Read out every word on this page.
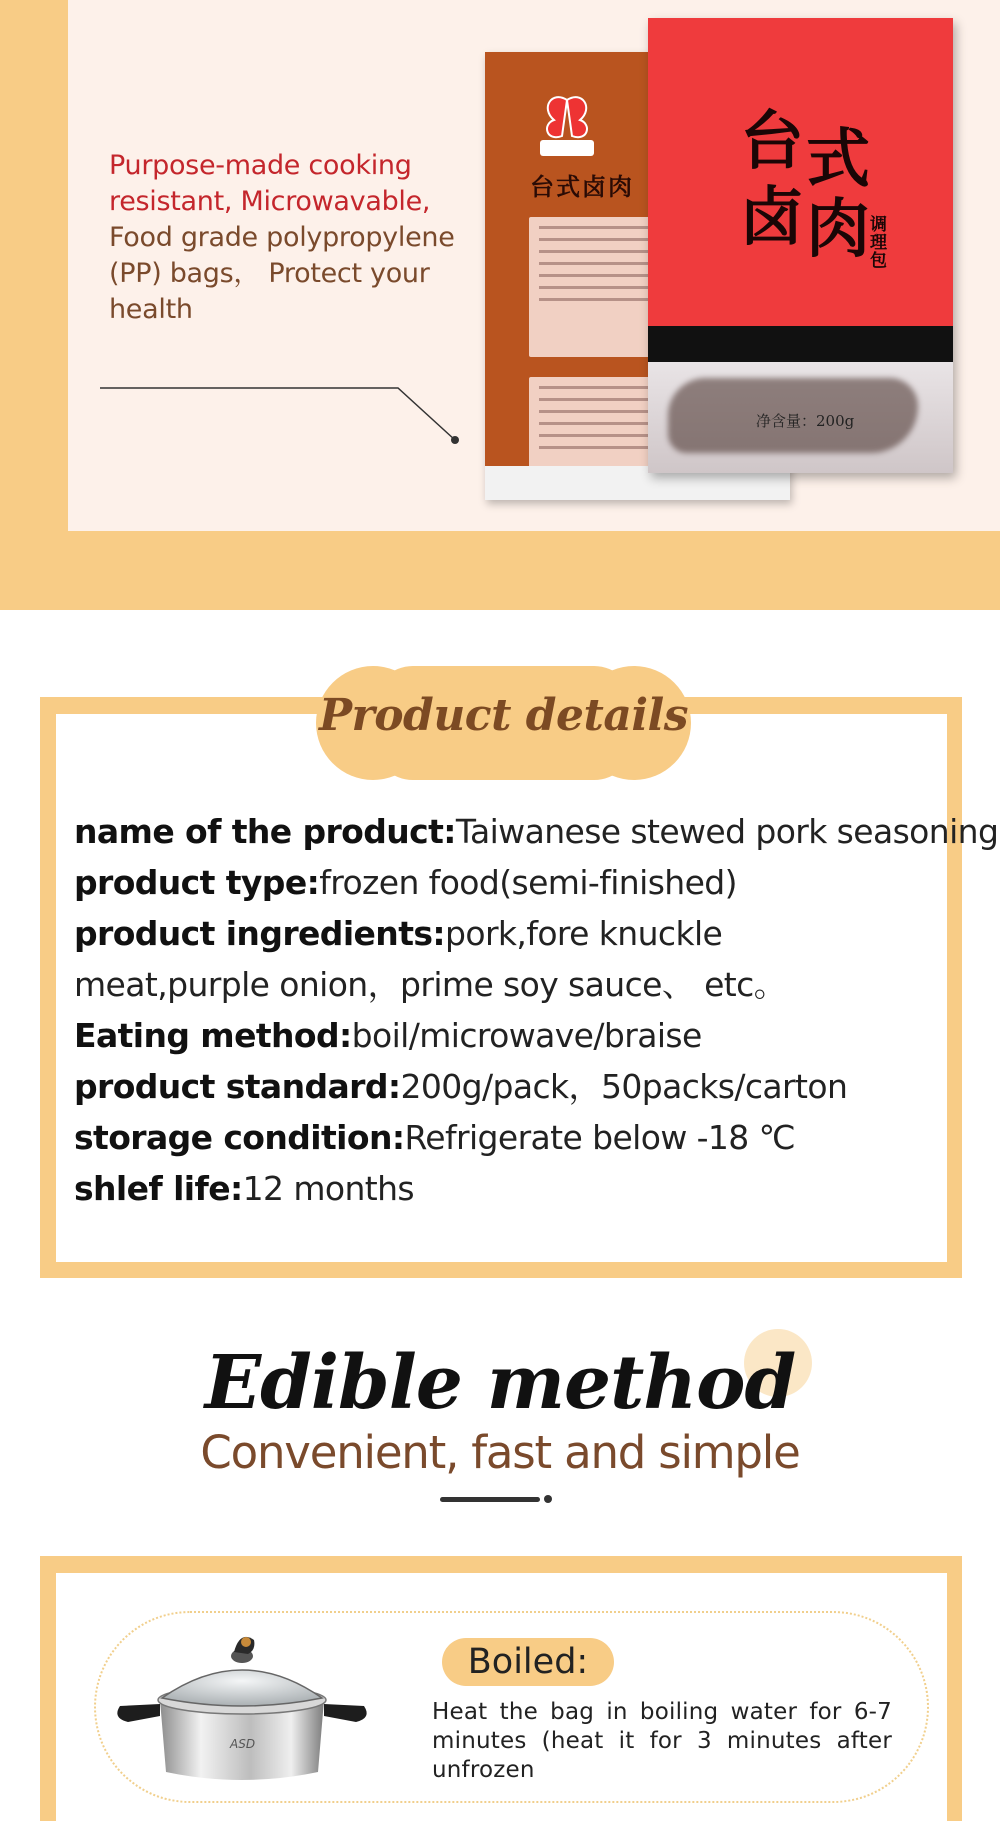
Purpose-made cooking resistant, Microwavable,
Food grade polypropylene (PP) bags， Protect your health
台式卤肉
台 式
卤 肉 调理包
净含量：200g
Product details
name of the product:Taiwanese stewed pork seasoning
product type:frozen food(semi-finished)
product ingredients:pork,fore knuckle meat,purple onion，prime soy sauce、 etc。
Eating method:boil/microwave/braise
product standard:200g/pack，50packs/carton
storage condition:Refrigerate below -18 ℃
shlef life:12 months
Edible method
Convenient, fast and simple
ASD
Boiled:
Heat the bag in boiling water for 6-7 minutes (heat it for 3 minutes after unfrozen
